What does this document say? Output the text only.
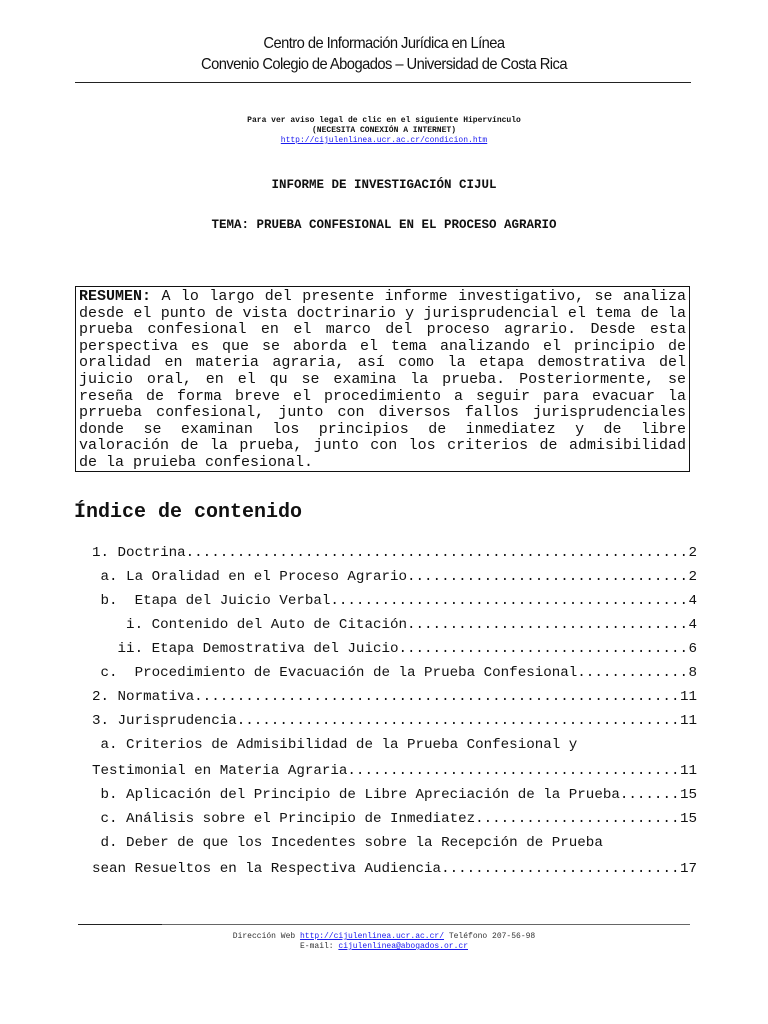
Centro de Información Jurídica en Línea
Convenio Colegio de Abogados – Universidad de Costa Rica
Para ver aviso legal de clic en el siguiente Hipervínculo
(NECESITA CONEXIÓN A INTERNET)
http://cijulenlinea.ucr.ac.cr/condicion.htm
INFORME DE INVESTIGACIÓN CIJUL
TEMA: PRUEBA CONFESIONAL EN EL PROCESO AGRARIO
RESUMEN: A lo largo del presente informe investigativo, se analiza desde el punto de vista doctrinario y jurisprudencial el tema de la prueba confesional en el marco del proceso agrario. Desde esta perspectiva es que se aborda el tema analizando el principio de oralidad en materia agraria, así como la etapa demostrativa del juicio oral, en el qu se examina la prueba. Posteriormente, se reseña de forma breve el procedimiento a seguir para evacuar la prrueba confesional, junto con diversos fallos jurisprudenciales donde se examinan los principios de inmediatez y de libre valoración de la prueba, junto con los criterios de admisibilidad de la pruieba confesional.
Índice de contenido
1. Doctrina .....	2
a. La Oralidad en el Proceso Agrario .....	2
b.  Etapa del Juicio Verbal .....	4
i. Contenido del Auto de Citación .....	4
ii. Etapa Demostrativa del Juicio .....	6
c.  Procedimiento de Evacuación de la Prueba Confesional .....	8
2. Normativa .....	11
3. Jurisprudencia .....	11
a. Criterios de Admisibilidad de la Prueba Confesional y
Testimonial en Materia Agraria .....	11
b. Aplicación del Principio de Libre Apreciación de la Prueba .....	15
c. Análisis sobre el Principio de Inmediatez .....	15
d. Deber de que los Incedentes sobre la Recepción de Prueba
sean Resueltos en la Respectiva Audiencia .....	17
Dirección Web http://cijulenlinea.ucr.ac.cr/ Teléfono 207-56-98
E-mail: cijulenlinea@abogados.or.cr
